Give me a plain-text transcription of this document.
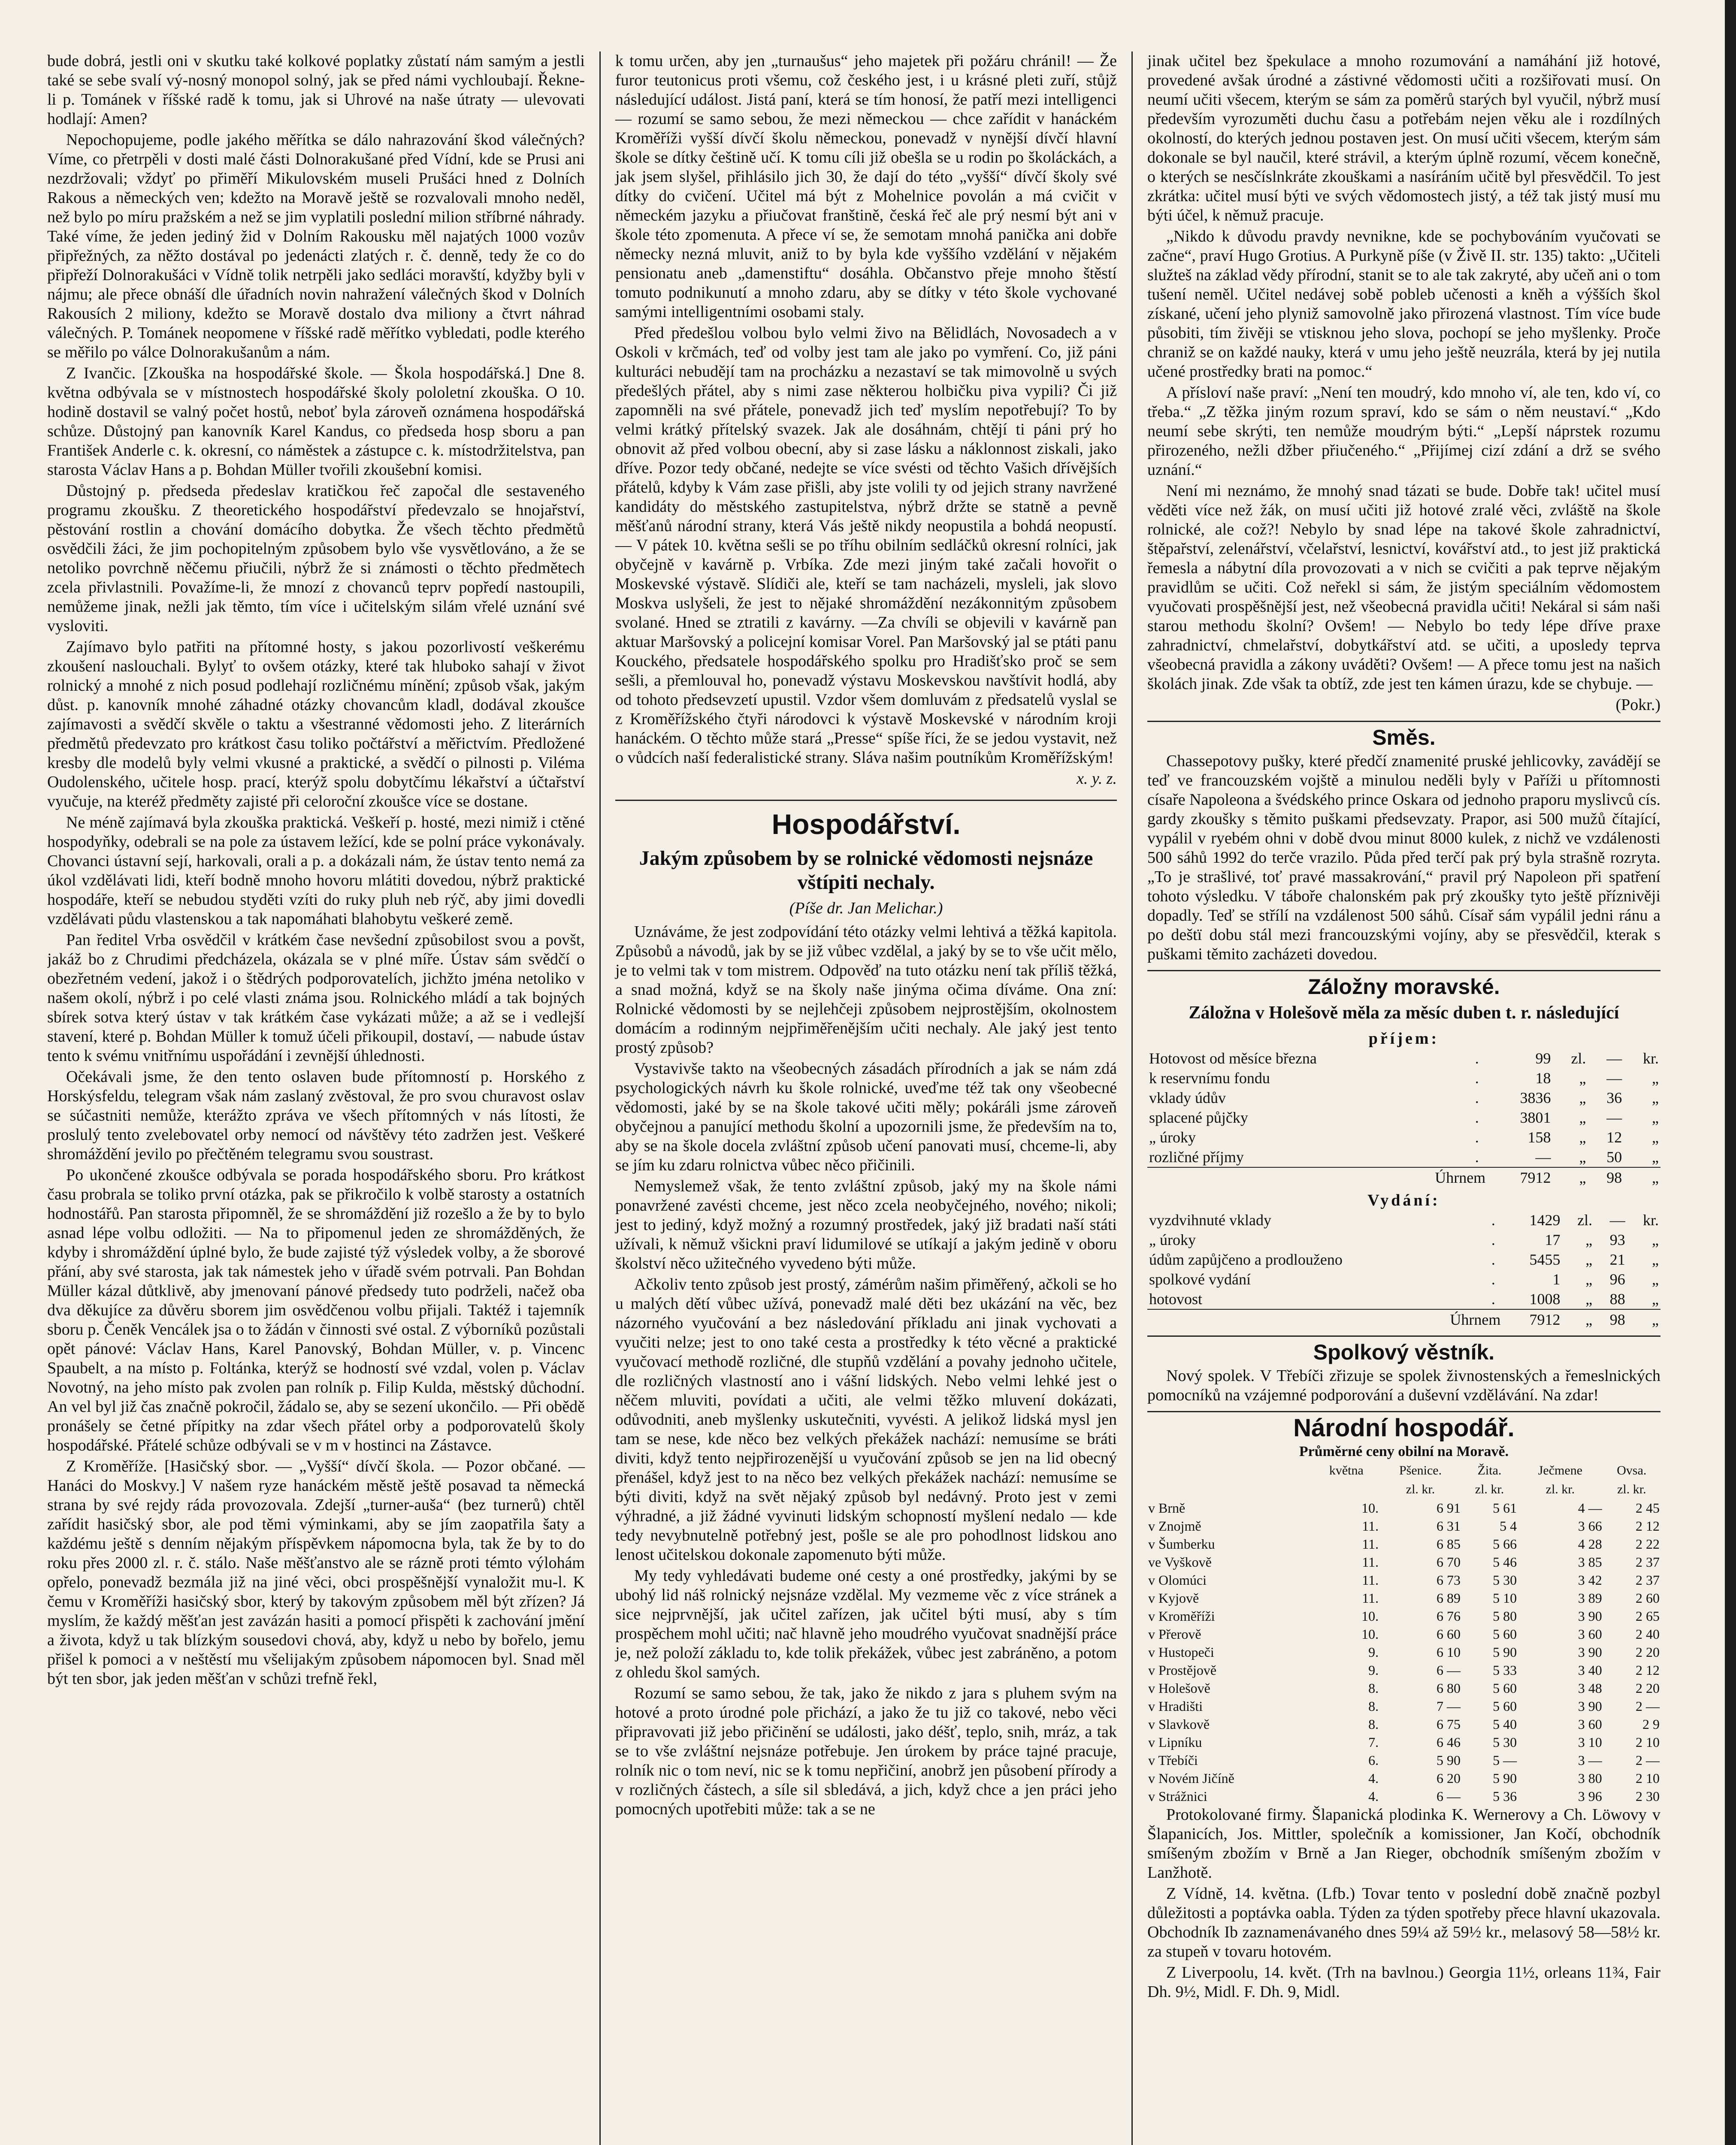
bude dobrá, jestli oni v skutku také kolkové poplatky zůstatí nám samým a jestli také se sebe svalí vý-nosný monopol solný, jak se před námi vychloubají. Řekne-li p. Tománek v říšské radě k tomu, jak si Uhrové na naše útraty — ulevovati hodlají: Amen?

Nepochopujeme, podle jakého měřítka se dálo nahrazování škod válečných? Víme, co přetrpěli v dosti malé části Dolnorakušané před Vídní, kde se Prusi ani nezdržovali; vždyť po přiměří Mikulovském museli Prušáci hned z Dolních Rakous a německých ven; kdežto na Moravě ještě se rozvalovali mnoho neděl, než bylo po míru pražském a než se jim vyplatili poslední milion stříbrné náhrady. Také víme, že jeden jediný žid v Dolním Rakousku měl najatých 1000 vozův připřežných, za něžto dostával po jedenácti zlatých r. č. denně, tedy že co do připřeží Dolnorakušáci v Vídně tolik netrpěli jako sedláci moravští, kdyžby byli v nájmu; ale přece obnáší dle úřadních novin nahražení válečných škod v Dolních Rakousích 2 miliony, kdežto se Moravě dostalo dva miliony a čtvrt náhrad válečných. P. Tománek neopomene v říšské radě měřítko vybledati, podle kterého se měřilo po válce Dolnorakušanům a nám.

Z Ivančic. [Zkouška na hospodářské škole. — Škola hospodářská.] Dne 8. května odbývala se v místnostech hospodářské školy pololetní zkouška. O 10. hodině dostavil se valný počet hostů, neboť byla zároveň oznámena hospodářská schůze. Důstojný pan kanovník Karel Kandus, co předseda hosp sboru a pan František Anderle c. k. okresní, co náměstek a zástupce c. k. místodržitelstva, pan starosta Václav Hans a p. Bohdan Müller tvořili zkoušební komisi.

Důstojný p. předseda předeslav kratičkou řeč započal dle sestaveného programu zkoušku. Z theoretického hospodářství předevzalo se hnojařství, pěstování rostlin a chování domácího dobytka. Že všech těchto předmětů osvědčili žáci, že jim pochopitelným způsobem bylo vše vysvětlováno, a že se netoliko povrchně něčemu přiučili, nýbrž že si známosti o těchto předmětech zcela přivlastnili. Považíme-li, že mnozí z chovanců teprv popředí nastoupili, nemůžeme jinak, nežli jak těmto, tím více i učitelským silám vřelé uznání své vysloviti.

Zajímavo bylo patřiti na přítomné hosty, s jakou pozorlivostí veškerému zkoušení naslouchali. Bylyť to ovšem otázky, které tak hluboko sahají v život rolnický a mnohé z nich posud podlehají rozličnému mínění; způsob však, jakým důst. p. kanovník mnohé záhadné otázky chovancům kladl, dodával zkoušce zajímavosti a svědčí skvěle o taktu a všestranné vědomosti jeho. Z literárních předmětů předevzato pro krátkost času toliko počtářství a měřictvím. Předložené kresby dle modelů byly velmi vkusné a praktické, a svědčí o pilnosti p. Viléma Oudolenského, učitele hosp. prací, kterýž spolu dobytčímu lékařství a účtařství vyučuje, na kteréž předměty zajisté při celoroční zkoušce více se dostane.

Ne méně zajímavá byla zkouška praktická. Veškeří p. hosté, mezi nimiž i ctěné hospodyňky, odebrali se na pole za ústavem ležící, kde se polní práce vykonávaly. Chovanci ústavní sejí, harkovali, orali a p. a dokázali nám, že ústav tento nemá za úkol vzdělávati lidi, kteří bodně mnoho hovoru mlátiti dovedou, nýbrž praktické hospodáře, kteří se nebudou styděti vzíti do ruky pluh neb rýč, aby jimi dovedli vzdělávati půdu vlastenskou a tak napomáhati blahobytu veškeré země.

Pan ředitel Vrba osvědčil v krátkém čase nevšední způsobilost svou a povšt, jakáž bo z Chrudimi předcházela, okázala se v plné míře. Ústav sám svědčí o obezřetném vedení, jakož i o štědrých podporovatelích, jichžto jména netoliko v našem okolí, nýbrž i po celé vlasti známa jsou. Rolnického mládí a tak bojných sbírek sotva který ústav v tak krátkém čase vykázati může; a až se i vedlejší stavení, které p. Bohdan Müller k tomuž účeli přikoupil, dostaví, — nabude ústav tento k svému vnitřnímu uspořádání i zevnější úhlednosti.

Očekávali jsme, že den tento oslaven bude přítomností p. Horského z Horskýsfeldu, telegram však nám zaslaný zvěstoval, že pro svou churavost oslav se súčastniti nemůže, kterážto zpráva ve všech přítomných v nás lítosti, že proslulý tento zvelebovatel orby nemocí od návštěvy této zadržen jest. Veškeré shromáždění jevilo po přečtěném telegramu svou soustrast.

Po ukončené zkoušce odbývala se porada hospodářského sboru. Pro krátkost času probrala se toliko první otázka, pak se přikročilo k volbě starosty a ostatních hodnostářů. Pan starosta připomněl, že se shromáždění již rozešlo a že by to bylo asnad lépe volbu odložiti. — Na to připomenul jeden ze shromážděných, že kdyby i shromáždění úplné bylo, že bude zajisté týž výsledek volby, a že sborové přání, aby své starosta, jak tak námestek jeho v úřadě svém potrvali. Pan Bohdan Müller kázal důtklivě, aby jmenovaní pánové předsedy tuto podrželi, načež oba dva děkujíce za důvěru sborem jim osvědčenou volbu přijali. Taktéž i tajemník sboru p. Čeněk Vencálek jsa o to žádán v činnosti své ostal. Z výborníků pozůstali opět pánové: Václav Hans, Karel Panovský, Bohdan Müller, v. p. Vincenc Spaubelt, a na místo p. Foltánka, kterýž se hodností své vzdal, volen p. Václav Novotný, na jeho místo pak zvolen pan rolník p. Filip Kulda, městský důchodní. An vel byl již čas značně pokročil, žádalo se, aby se sezení ukončilo. — Při obědě pronášely se četné přípitky na zdar všech přátel orby a podporovatelů školy hospodářské. Přátelé schůze odbývali se v m v hostinci na Zástavce.

Z Kroměříže. [Hasičský sbor. — „Vyšší“ dívčí škola. — Pozor občané. — Hanáci do Moskvy.] V našem ryze hanáckém městě ještě posavad ta německá strana by své rejdy ráda provozovala. Zdejší „turner-auša“ (bez turnerů) chtěl zařídit hasičský sbor, ale pod těmi výminkami, aby se jím zaopatřila šaty a každému ještě s denním nějakým příspěvkem nápomocna byla, tak že by to do roku přes 2000 zl. r. č. stálo. Naše měšťanstvo ale se rázně proti témto výlohám opřelo, ponevadž bezmála již na jiné věci, obci prospěšnější vynaložit mu-l. K čemu v Kroměříži hasičský sbor, který by takovým způsobem měl být zřízen? Já myslím, že každý měšťan jest zavázán hasiti a pomocí přispěti k zachování jmění a života, když u tak blízkým sousedovi chová, aby, když u nebo by bořelo, jemu přišel k pomoci a v neštěstí mu všelijakým způsobem nápomocen byl. Snad měl být ten sbor, jak jeden měšťan v schůzi trefně řekl,

k tomu určen, aby jen „turnaušus“ jeho majetek při požáru chránil! — Že furor teutonicus proti všemu, což českého jest, i u krásné pleti zuří, stůjž následující událost. Jistá paní, která se tím honosí, že patří mezi intelligenci — rozumí se samo sebou, že mezi německou — chce zařídit v hanáckém Kroměříži vyšší dívčí školu německou, ponevadž v nynější dívčí hlavní škole se dítky češtině učí. K tomu cíli již obešla se u rodin po školáckách, a jak jsem slyšel, přihlásilo jich 30, že dají do této „vyšší“ dívčí školy své dítky do cvičení. Učitel má být z Mohelnice povolán a má cvičit v německém jazyku a přiučovat franštině, česká řeč ale prý nesmí být ani v škole této zpomenuta. A přece ví se, že semotam mnohá panička ani dobře německy nezná mluvit, aniž to by byla kde vyššího vzdělání v nějakém pensionatu aneb „damenstiftu“ dosáhla. Občanstvo přeje mnoho štěstí tomuto podnikunutí a mnoho zdaru, aby se dítky v této škole vychované samými intelligentními osobami staly.

Před předešlou volbou bylo velmi živo na Bělidlách, Novosadech a v Oskoli v krčmách, teď od volby jest tam ale jako po vymření. Co, již páni kulturáci nebudějí tam na procházku a nezastaví se tak mimovolně u svých předešlých přátel, aby s nimi zase některou holbičku piva vypili? Či již zapomněli na své přátele, ponevadž jich teď myslím nepotřebují? To by velmi krátký přítelský svazek. Jak ale dosáhnám, chtějí ti páni prý ho obnovit až před volbou obecní, aby si zase lásku a náklonnost ziskali, jako dříve. Pozor tedy občané, nedejte se více svésti od těchto Vašich dřívějších přátelů, kdyby k Vám zase přišli, aby jste volili ty od jejich strany navržené kandidáty do městského zastupitelstva, nýbrž držte se statně a pevně měšťanů národní strany, která Vás ještě nikdy neopustila a bohdá neopustí. — V pátek 10. května sešli se po tříhu obilním sedláčků okresní rolníci, jak obyčejně v kavárně p. Vrbíka. Zde mezi jiným také začali hovořit o Moskevské výstavě. Slídiči ale, kteří se tam nacházeli, mysleli, jak slovo Moskva uslyšeli, že jest to nějaké shromáždění nezákonnitým způsobem svolané. Hned se ztratili z kavárny. —Za chvíli se objevili v kavárně pan aktuar Maršovský a policejní komisar Vorel. Pan Maršovský jal se ptáti panu Kouckého, předsatele hospodářského spolku pro Hradišťsko proč se sem sešli, a přemlouval ho, ponevadž výstavu Moskevskou navštívit hodlá, aby od tohoto předsevzetí upustil. Vzdor všem domluvám z předsatelů vyslal se z Kroměřížského čtyři národovci k výstavě Moskevské v národním kroji hanáckém. O těchto může stará „Presse“ spíše říci, že se jedou vystavit, než o vůdcích naší federalistické strany. Sláva našim poutníkům Kroměřížským!

x. y. z.

Hospodářství.
Jakým způsobem by se rolnické vědomosti nejsnáze vštípiti nechaly.
(Píše dr. Jan Melichar.)

Uznáváme, že jest zodpovídání této otázky velmi lehtivá a těžká kapitola. Způsobů a návodů, jak by se již vůbec vzdělal, a jaký by se to vše učit mělo, je to velmi tak v tom mistrem. Odpověď na tuto otázku není tak příliš těžká, a snad možná, když se na školy naše jinýma očima díváme. Ona zní: Rolnické vědomosti by se nejlehčeji způsobem nejprostějším, okolnostem domácím a rodinným nejpřiměřenějším učiti nechaly. Ale jaký jest tento prostý způsob?

Vystavivše takto na všeobecných zásadách přírodních a jak se nám zdá psychologických návrh ku škole rolnické, uveďme též tak ony všeobecné vědomosti, jaké by se na škole takové učiti měly; pokáráli jsme zároveň obyčejnou a panující methodu školní a upozornili jsme, že především na to, aby se na škole docela zvláštní způsob učení panovati musí, chceme-li, aby se jím ku zdaru rolnictva vůbec něco přičinili.

Nemyslemež však, že tento zvláštní způsob, jaký my na škole námi ponavržené zavésti chceme, jest něco zcela neobyčejného, nového; nikoli; jest to jediný, když možný a rozumný prostředek, jaký již bradati naší státi užívali, k němuž všickni praví lidumilové se utíkají a jakým jedině v oboru školství něco užitečného vyvedeno býti může.

Ačkoliv tento způsob jest prostý, zámérům našim přiměřený, ačkoli se ho u malých dětí vůbec užívá, ponevadž malé děti bez ukázání na věc, bez názorného vyučování a bez následování příkladu ani jinak vychovati a vyučiti nelze; jest to ono také cesta a prostředky k této věcné a praktické vyučovací methodě rozličné, dle stupňů vzdělání a povahy jednoho učitele, dle rozličných vlastností ano i vášní lidských. Nebo velmi lehké jest o něčem mluviti, povídati a učiti, ale velmi těžko mluvení dokázati, odůvodniti, aneb myšlenky uskutečniti, vyvésti. A jelikož lidská mysl jen tam se nese, kde něco bez velkých překážek nachází: nemusíme se bráti diviti, když tento nejpřirozenější u vyučování způsob se jen na lid obecný přenášel, když jest to na něco bez velkých překážek nachází: nemusíme se býti diviti, když na svět nějaký způsob byl nedávný. Proto jest v zemi výhradné, a již žádné vyvinuti lidským schopností myšlení nedalo — kde tedy nevybnutelně potřebný jest, pošle se ale pro pohodlnost lidskou ano lenost učitelskou dokonale zapomenuto býti může.

My tedy vyhledávati budeme oné cesty a oné prostředky, jakými by se ubohý lid náš rolnický nejsnáze vzdělal. My vezmeme věc z více stránek a sice nejprvnější, jak učitel zařízen, jak učitel býti musí, aby s tím prospěchem mohl učiti; nač hlavně jeho moudrého vyučovat snadnější práce je, než položí základu to, kde tolik překážek, vůbec jest zabráněno, a potom z ohledu škol samých.

Rozumí se samo sebou, že tak, jako že nikdo z jara s pluhem svým na hotové a proto úrodné pole přichází, a jako že tu již co takové, nebo věci připravovati již jebo přičinění se události, jako déšť, teplo, snih, mráz, a tak se to vše zvláštní nejsnáze potřebuje. Jen úrokem by práce tajné pracuje, rolník nic o tom neví, nic se k tomu nepřičiní, anobrž jen působení přírody a v rozličných částech, a síle sil sbledává, a jich, když chce a jen práci jeho pomocných upotřebiti může: tak a se ne

jinak učitel bez špekulace a mnoho rozumování a namáhání již hotové, provedené avšak úrodné a zástivné vědomosti učiti a rozšiřovati musí. On neumí učiti všecem, kterým se sám za poměrů starých byl vyučil, nýbrž musí především vyrozuměti duchu času a potřebám nejen věku ale i rozdílných okolností, do kterých jednou postaven jest. On musí učiti všecem, kterým sám dokonale se byl naučil, které strávil, a kterým úplně rozumí, věcem konečně, o kterých se nesčíslnkráte zkouškami a nasíráním učitě byl přesvědčil. To jest zkrátka: učitel musí býti ve svých vědomostech jistý, a též tak jistý musí mu býti účel, k němuž pracuje.

„Nikdo k důvodu pravdy nevnikne, kde se pochybováním vyučovati se začne“, praví Hugo Grotius. A Purkyně píše (v Živě II. str. 135) takto: „Učiteli služteš na základ vědy přírodní, stanit se to ale tak zakryté, aby učeň ani o tom tušení neměl. Učitel nedávej sobě pobleb učenosti a kněh a výšších škol získané, učení jeho plyniž samovolně jako přirozená vlastnost. Tím více bude působiti, tím živěji se vtisknou jeho slova, pochopí se jeho myšlenky. Proče chraniž se on každé nauky, která v umu jeho ještě neuzrála, která by jej nutila učené prostředky brati na pomoc.“

A přísloví naše praví: „Není ten moudrý, kdo mnoho ví, ale ten, kdo ví, co třeba.“ „Z těžka jiným rozum spraví, kdo se sám o něm neustaví.“ „Kdo neumí sebe skrýti, ten nemůže moudrým býti.“ „Lepší náprstek rozumu přirozeného, nežli džber přiučeného.“ „Přijímej cizí zdání a drž se svého uznání.“

Není mi neznámo, že mnohý snad tázati se bude. Dobře tak! učitel musí věděti více než žák, on musí učiti již hotové zralé věci, zvláště na škole rolnické, ale což?! Nebylo by snad lépe na takové škole zahradnictví, štěpařství, zelenářství, včelařství, lesnictví, kovářství atd., to jest již praktická řemesla a nábytní díla provozovati a v nich se cvičiti a pak teprve nějakým pravidlům se učiti. Což neřekl si sám, že jistým speciálním vědomostem vyučovati prospěšnější jest, než všeobecná pravidla učiti! Nekáral si sám naši starou methodu školní? Ovšem! — Nebylo bo tedy lépe dříve praxe zahradnictví, chmelařství, dobytkářství atd. se učiti, a uposledy teprva všeobecná pravidla a zákony uváděti? Ovšem! — A přece tomu jest na našich školách jinak. Zde však ta obtíž, zde jest ten kámen úrazu, kde se chybuje. —

(Pokr.)

Směs.

Chassepotovy pušky, které předčí znamenité pruské jehlicovky, zavádějí se teď ve francouzském vojště a minulou neděli byly v Paříži u přítomnosti císaře Napoleona a švédského prince Oskara od jednoho praporu myslivců cís. gardy zkoušky s těmito puškami předsevzaty. Prapor, asi 500 mužů čítající, vypálil v ryebém ohni v době dvou minut 8000 kulek, z nichž ve vzdálenosti 500 sáhů 1992 do terče vrazilo. Půda před terčí pak prý byla strašně rozryta. „To je strašlivé, toť pravé massakrování,“ pravil prý Napoleon při spatření tohoto výsledku. V táboře chalonském pak prý zkoušky tyto ještě příznivěji dopadly. Teď se střílí na vzdálenost 500 sáhů. Císař sám vypálil jedni ránu a po deštï dobu stál mezi francouzskými vojíny, aby se přesvědčil, kterak s puškami těmito zacházeti dovedou.

Záložny moravské.
Záložna v Holešově měla za měsíc duben t. r. následující
příjem:
Hotovost od měsíce března	.	99	zl.	—	kr.
k reservnímu fondu	.	18	„	—	„
vklady údův	.	3836	„	36	„
splacené půjčky	.	3801	„	—	„
„ úroky	.	158	„	12	„
rozličné příjmy	.	—	„	50	„
Úhrnem		7912	„	98	„
Vydání:
vyzdvihnuté vklady	.	1429	zl.	—	kr.
„ úroky	.	17	„	93	„
údům zapůjčeno a prodlouženo	.	5455	„	21	„
spolkové vydání	.	1	„	96	„
hotovost	.	1008	„	88	„
Úhrnem		7912	„	98	„
Spolkový věstník.

Nový spolek. V Třebíči zřizuje se spolek živnostenských a řemeslnických pomocníků na vzájemné podporování a duševní vzdělávání. Na zdar!

Národní hospodář.
Průměrné ceny obilní na Moravě.
	května	Pšenice.	Žita.	Ječmene	Ovsa.
		zl. kr.	zl. kr.	zl. kr.	zl. kr.
v Brně	10.	6 91	5 61	4 —	2 45
v Znojmě	11.	6 31	5 4	3 66	2 12
v Šumberku	11.	6 85	5 66	4 28	2 22
ve Vyškově	11.	6 70	5 46	3 85	2 37
v Olomúci	11.	6 73	5 30	3 42	2 37
v Kyjově	11.	6 89	5 10	3 89	2 60
v Kroměříži	10.	6 76	5 80	3 90	2 65
v Přerově	10.	6 60	5 60	3 60	2 40
v Hustopeči	9.	6 10	5 90	3 90	2 20
v Prostějově	9.	6 —	5 33	3 40	2 12
v Holešově	8.	6 80	5 60	3 48	2 20
v Hradišti	8.	7 —	5 60	3 90	2 —
v Slavkově	8.	6 75	5 40	3 60	2 9
v Lipníku	7.	6 46	5 30	3 10	2 10
v Třebíči	6.	5 90	5 —	3 —	2 —
v Novém Jičíně	4.	6 20	5 90	3 80	2 10
v Strážnici	4.	6 —	5 36	3 96	2 30

Protokolované firmy. Šlapanická plodinka K. Wernerovy a Ch. Löwovy v Šlapanicích, Jos. Mittler, společník a komissioner, Jan Kočí, obchodník smíšeným zbožím v Brně a Jan Rieger, obchodník smíšeným zbožím v Lanžhotě.

Z Vídně, 14. května. (Lfb.) Tovar tento v poslední době značně pozbyl důležitosti a poptávka oabla. Týden za týden spotřeby přece hlavní ukazovala. Obchodník Ib zaznamenávaného dnes 59¼ až 59½ kr., melasový 58—58½ kr. za stupeň v tovaru hotovém.

Z Liverpoolu, 14. květ. (Trh na bavlnou.) Georgia 11½, orleans 11¾, Fair Dh. 9½, Midl. F. Dh. 9, Midl.
